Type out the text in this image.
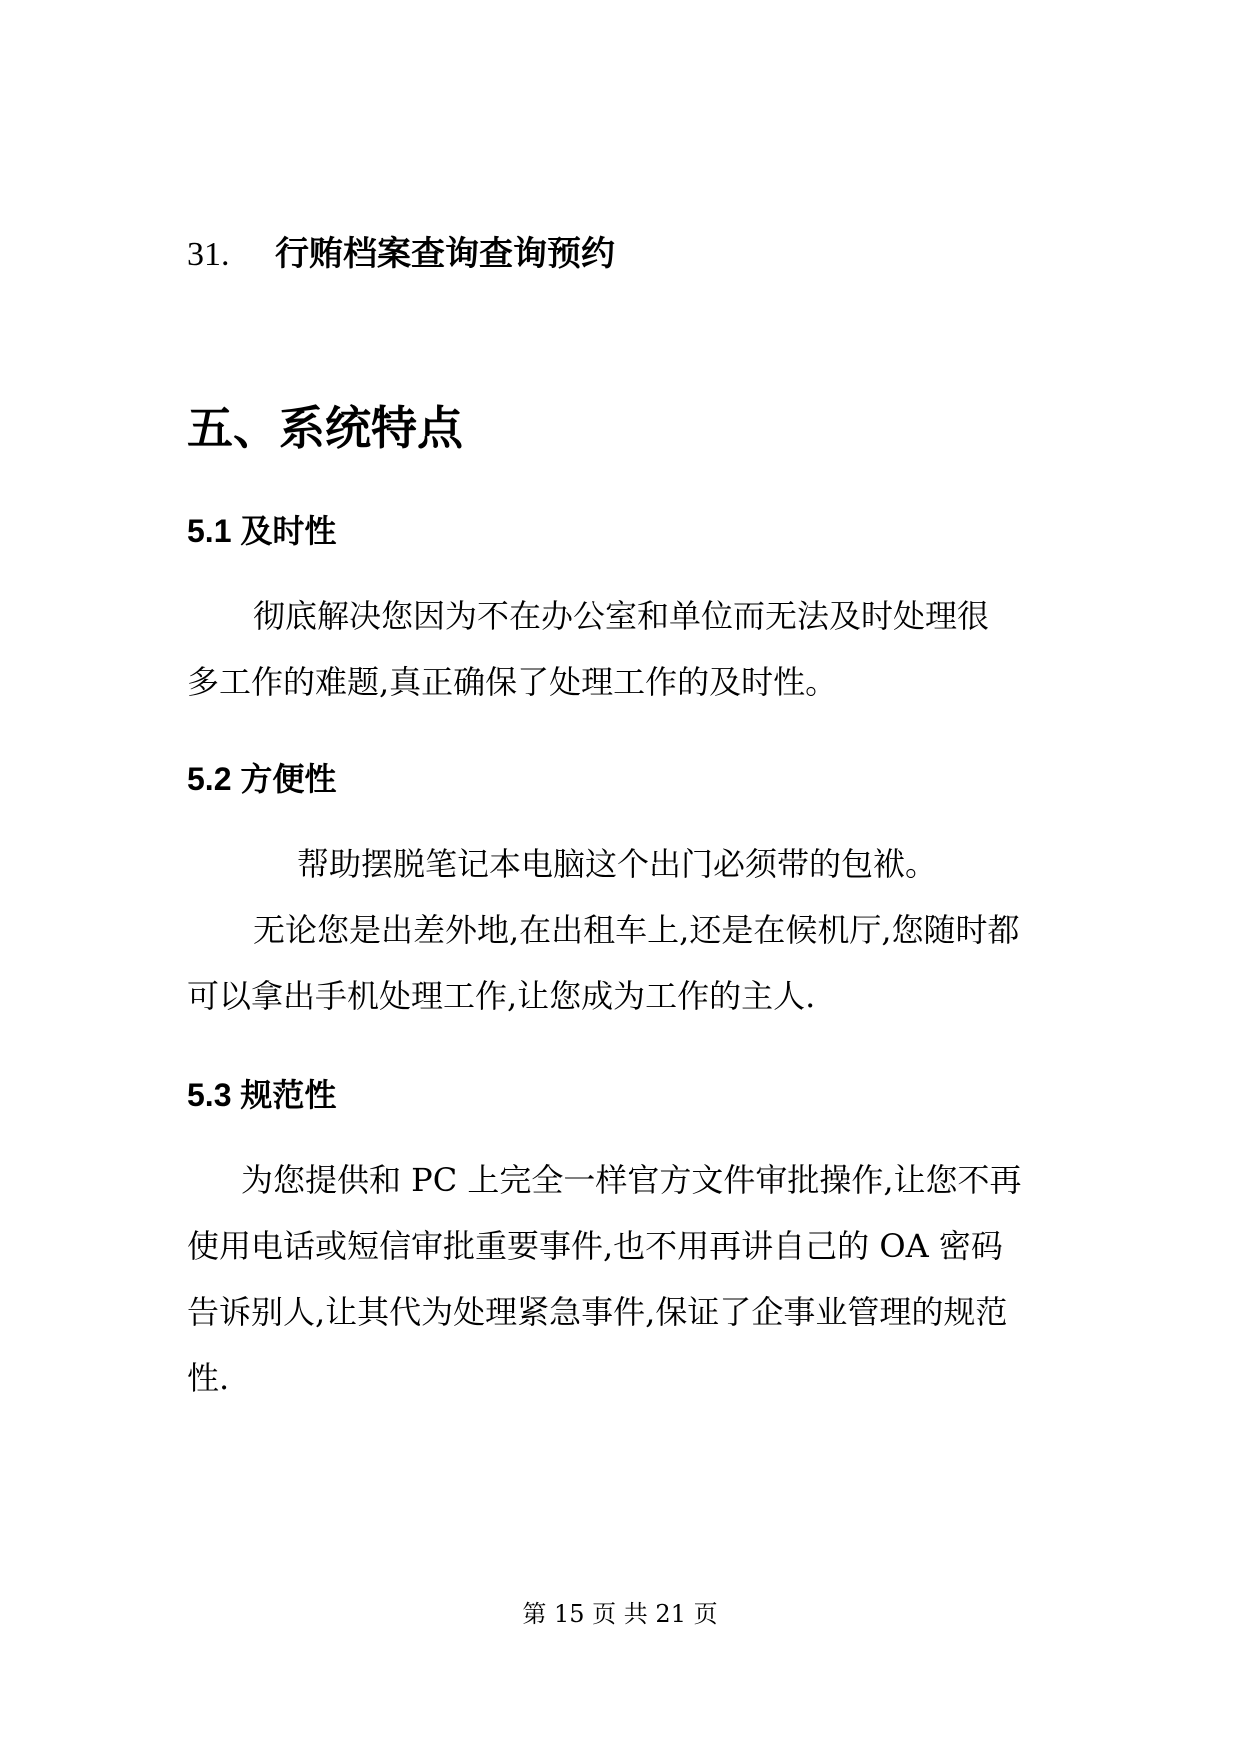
31. 行贿档案查询查询预约
五、系统特点
5.1 及时性
彻底解决您因为不在办公室和单位而无法及时处理很
多工作的难题,真正确保了处理工作的及时性。
5.2 方便性
帮助摆脱笔记本电脑这个出门必须带的包袱。
无论您是出差外地,在出租车上,还是在候机厅,您随时都
可以拿出手机处理工作,让您成为工作的主人.
5.3 规范性
为您提供和 PC 上完全一样官方文件审批操作,让您不再
使用电话或短信审批重要事件,也不用再讲自己的 OA 密码
告诉别人,让其代为处理紧急事件,保证了企事业管理的规范
性.
第 15 页 共 21 页
